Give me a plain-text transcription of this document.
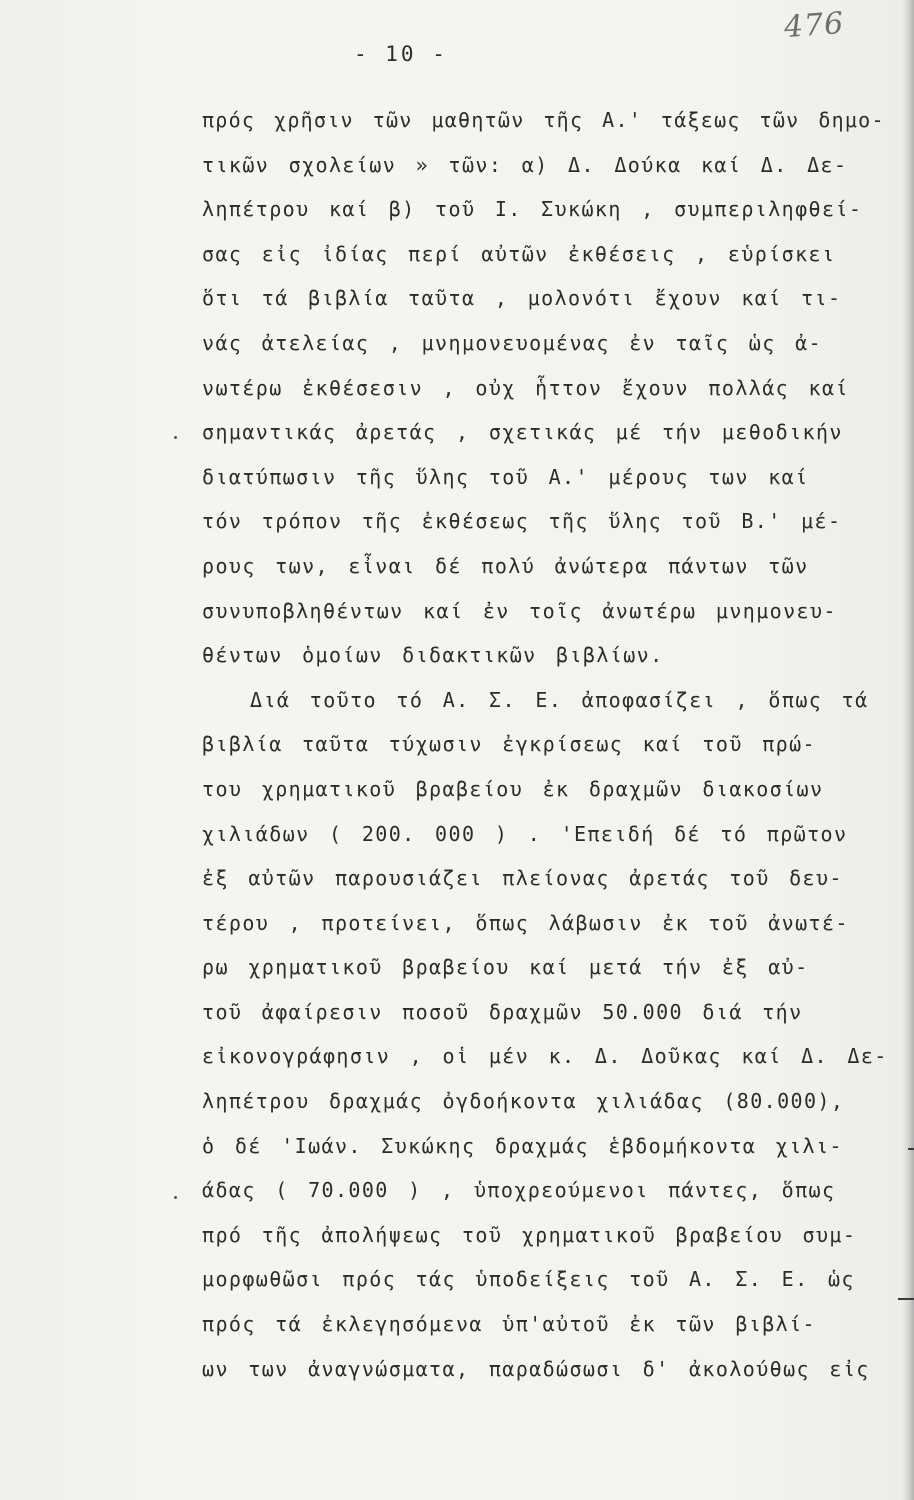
476
- 10 -
πρός χρῆσιν τῶν μαθητῶν τῆς Α.' τάξεως τῶν δημο-
τικῶν σχολείων » τῶν: α) Δ. Δούκα καί Δ. Δε-
ληπέτρου καί β) τοῦ Ι. Συκώκη , συμπεριληφθεί-
σας εἰς ἰδίας περί αὐτῶν ἐκθέσεις , εὑρίσκει
ὅτι τά βιβλία ταῦτα , μολονότι ἔχουν καί τι-
νάς ἀτελείας , μνημονευομένας ἐν ταῖς ὡς ἀ-
νωτέρω ἐκθέσεσιν , οὐχ ἧττον ἔχουν πολλάς καί
σημαντικάς ἀρετάς , σχετικάς μέ τήν μεθοδικήν
διατύπωσιν τῆς ὕλης τοῦ Α.' μέρους των καί
τόν τρόπον τῆς ἐκθέσεως τῆς ὕλης τοῦ Β.' μέ-
ρους των, εἶναι δέ πολύ ἀνώτερα πάντων τῶν
συνυποβληθέντων καί ἐν τοῖς ἀνωτέρω μνημονευ-
θέντων ὁμοίων διδακτικῶν βιβλίων.
Διά τοῦτο τό Α. Σ. Ε. ἀποφασίζει , ὅπως τά
βιβλία ταῦτα τύχωσιν ἐγκρίσεως καί τοῦ πρώ-
του χρηματικοῦ βραβείου ἐκ δραχμῶν διακοσίων
χιλιάδων ( 200. 000 ) . 'Επειδή δέ τό πρῶτον
ἐξ αὐτῶν παρουσιάζει πλείονας ἀρετάς τοῦ δευ-
τέρου , προτείνει, ὅπως λάβωσιν ἐκ τοῦ ἀνωτέ-
ρω χρηματικοῦ βραβείου καί μετά τήν ἐξ αὐ-
τοῦ ἀφαίρεσιν ποσοῦ δραχμῶν 50.000 διά τήν
εἰκονογράφησιν , οἱ μέν κ. Δ. Δοῦκας καί Δ. Δε-
ληπέτρου δραχμάς ὀγδοήκοντα χιλιάδας (80.000),
ὁ δέ 'Ιωάν. Συκώκης δραχμάς ἑβδομήκοντα χιλι-
άδας ( 70.000 ) , ὑποχρεούμενοι πάντες, ὅπως
πρό τῆς ἀπολήψεως τοῦ χρηματικοῦ βραβείου συμ-
μορφωθῶσι πρός τάς ὑποδείξεις τοῦ Α. Σ. Ε. ὡς
πρός τά ἐκλεγησόμενα ὑπ'αὐτοῦ ἐκ τῶν βιβλί-
ων των ἀναγνώσματα, παραδώσωσι δ' ἀκολούθως εἰς
